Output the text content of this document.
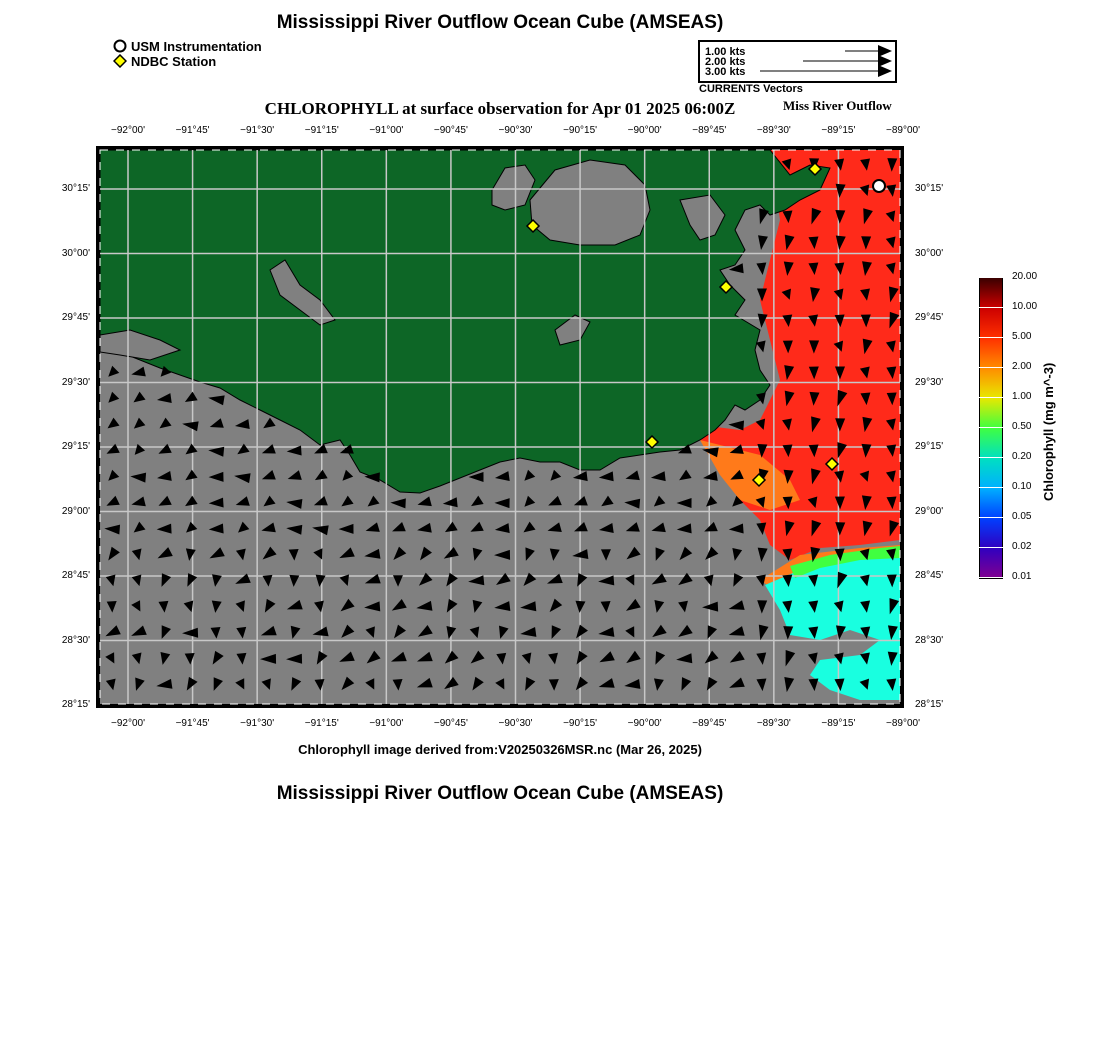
Mississippi River Outflow Ocean Cube (AMSEAS)
USM Instrumentation
NDBC Station
1.00 kts
2.00 kts
3.00 kts
CURRENTS Vectors
CHLOROPHYLL at surface observation for Apr 01 2025 06:00Z	Miss River Outflow
−92°00'	−91°45'	−91°30'	−91°15'	−91°00'	−90°45'	−90°30'	−90°15'	−90°00'	−89°45'	−89°30'	−89°15'	−89°00'
−92°00'	−91°45'	−91°30'	−91°15'	−91°00'	−90°45'	−90°30'	−90°15'	−90°00'	−89°45'	−89°30'	−89°15'	−89°00'
30°15'
30°00'
29°45'
29°30'
29°15'
29°00'
28°45'
28°30'
28°15'
30°15'
30°00'
29°45'
29°30'
29°15'
29°00'
28°45'
28°30'
28°15'
20.00
10.00
5.00
2.00
1.00
0.50
0.20
0.10
0.05
0.02
0.01
Chlorophyll (mg m^-3)
Chlorophyll image derived from:V20250326MSR.nc (Mar 26, 2025)
Mississippi River Outflow Ocean Cube (AMSEAS)
